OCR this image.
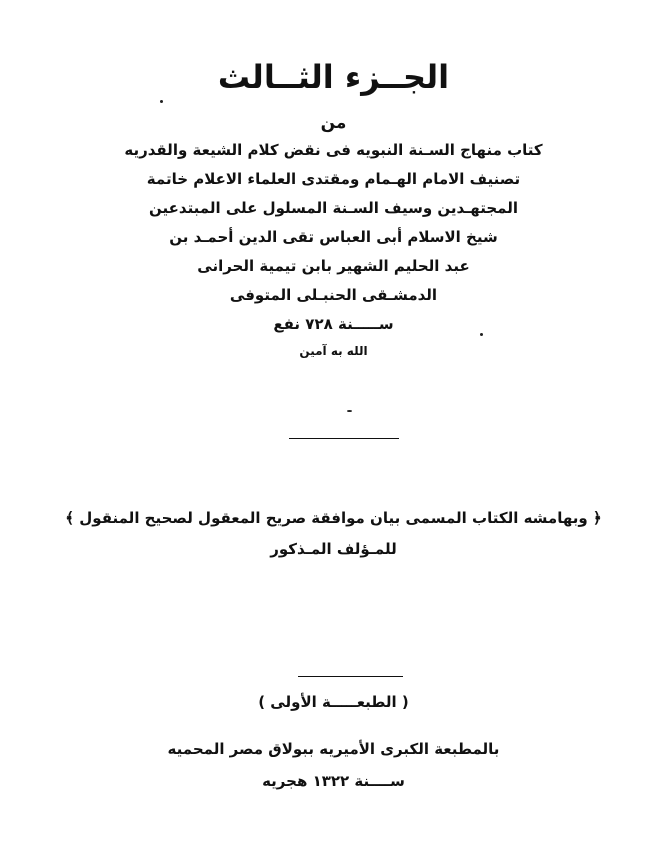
الجــزء الثــالث
من
كتاب منهاج السـنة النبويه فى نقض كلام الشيعة والقدريه
تصنيف الامام الهـمام ومقتدى العلماء الاعلام خاتمة
المجتهـدين وسيف السـنة المسلول على المبتدعين
شيخ الاسلام أبى العباس تقى الدين أحمـد بن
عبد الحليم الشهير بابن تيمية الحرانى
الدمشـقى الحنبـلى المتوفى
ســـــنة ٧٢٨ نفع
الله به آمين
﴿ وبهامشه الكتاب المسمى بيان موافقة صريح المعقول لصحيح المنقول ﴾
للمـؤلف المـذكور
( الطبعـــــة الأولى )
بالمطبعة الكبرى الأميريه ببولاق مصر المحميه
ســــنة ١٣٢٢ هجريه
